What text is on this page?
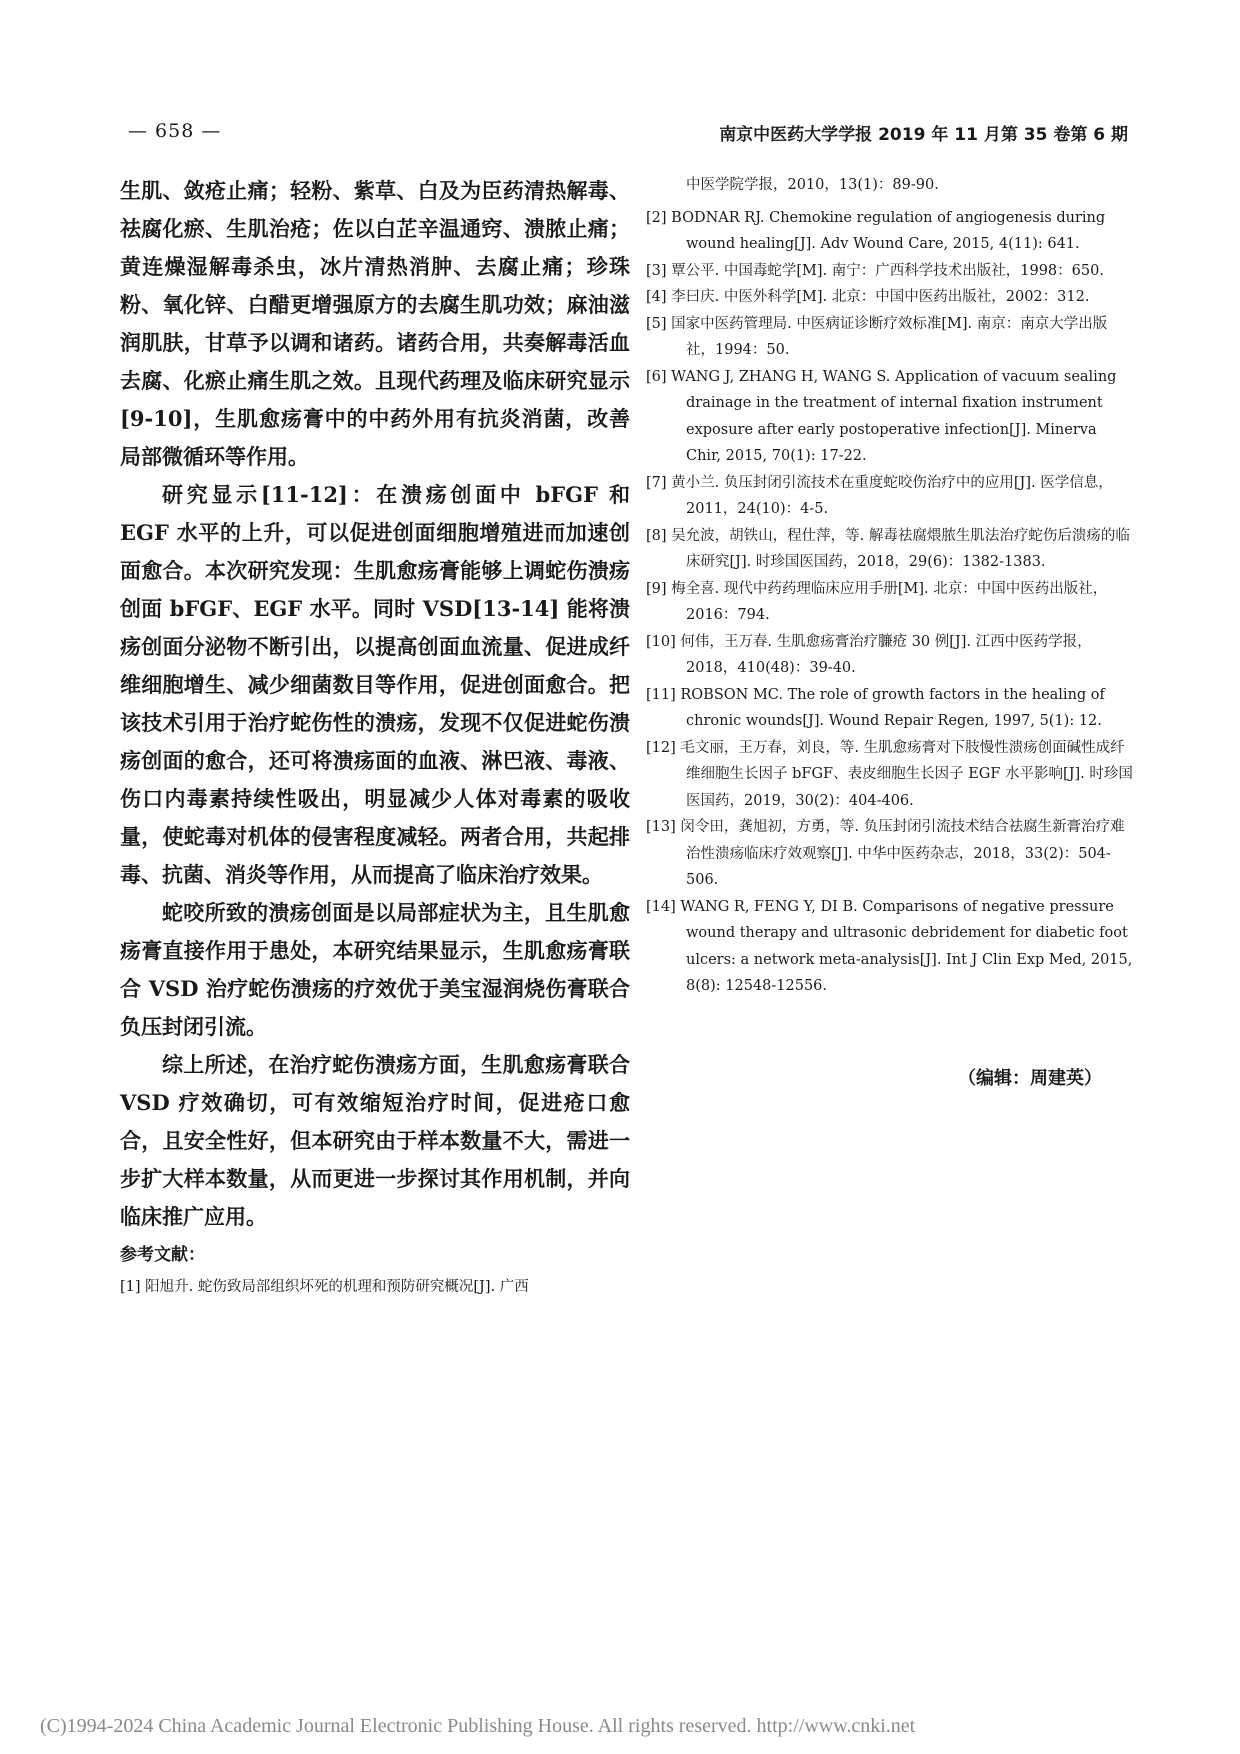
— 658 —	南京中医药大学学报 2019 年 11 月第 35 卷第 6 期

生肌、敛疮止痛；轻粉、紫草、白及为臣药清热解毒、祛腐化瘀、生肌治疮；佐以白芷辛温通窍、溃脓止痛；黄连燥湿解毒杀虫，冰片清热消肿、去腐止痛；珍珠粉、氧化锌、白醋更增强原方的去腐生肌功效；麻油滋润肌肤，甘草予以调和诸药。诸药合用，共奏解毒活血去腐、化瘀止痛生肌之效。且现代药理及临床研究显示[9-10]，生肌愈疡膏中的中药外用有抗炎消菌，改善局部微循环等作用。

研究显示[11-12]：在溃疡创面中 bFGF 和 EGF 水平的上升，可以促进创面细胞增殖进而加速创面愈合。本次研究发现：生肌愈疡膏能够上调蛇伤溃疡创面 bFGF、EGF 水平。同时 VSD[13-14] 能将溃疡创面分泌物不断引出，以提高创面血流量、促进成纤维细胞增生、减少细菌数目等作用，促进创面愈合。把该技术引用于治疗蛇伤性的溃疡，发现不仅促进蛇伤溃疡创面的愈合，还可将溃疡面的血液、淋巴液、毒液、伤口内毒素持续性吸出，明显减少人体对毒素的吸收量，使蛇毒对机体的侵害程度减轻。两者合用，共起排毒、抗菌、消炎等作用，从而提高了临床治疗效果。

蛇咬所致的溃疡创面是以局部症状为主，且生肌愈疡膏直接作用于患处，本研究结果显示，生肌愈疡膏联合 VSD 治疗蛇伤溃疡的疗效优于美宝湿润烧伤膏联合负压封闭引流。

综上所述，在治疗蛇伤溃疡方面，生肌愈疡膏联合 VSD 疗效确切，可有效缩短治疗时间，促进疮口愈合，且安全性好，但本研究由于样本数量不大，需进一步扩大样本数量，从而更进一步探讨其作用机制，并向临床推广应用。

参考文献：
[1] 阳旭升. 蛇伤致局部组织坏死的机理和预防研究概况[J]. 广西
中医学院学报，2010，13(1)：89-90.
[2] BODNAR RJ. Chemokine regulation of angiogenesis during wound healing[J]. Adv Wound Care, 2015, 4(11): 641.
[3] 覃公平. 中国毒蛇学[M]. 南宁：广西科学技术出版社，1998：650.
[4] 李曰庆. 中医外科学[M]. 北京：中国中医药出版社，2002：312.
[5] 国家中医药管理局. 中医病证诊断疗效标准[M]. 南京：南京大学出版社，1994：50.
[6] WANG J, ZHANG H, WANG S. Application of vacuum sealing drainage in the treatment of internal fixation instrument exposure after early postoperative infection[J]. Minerva Chir, 2015, 70(1): 17-22.
[7] 黄小兰. 负压封闭引流技术在重度蛇咬伤治疗中的应用[J]. 医学信息，2011，24(10)：4-5.
[8] 吴允波，胡铁山，程仕萍，等. 解毒祛腐煨脓生肌法治疗蛇伤后溃疡的临床研究[J]. 时珍国医国药，2018，29(6)：1382-1383.
[9] 梅全喜. 现代中药药理临床应用手册[M]. 北京：中国中医药出版社，2016：794.
[10] 何伟，王万春. 生肌愈疡膏治疗臁疮 30 例[J]. 江西中医药学报，2018，410(48)：39-40.
[11] ROBSON MC. The role of growth factors in the healing of chronic wounds[J]. Wound Repair Regen, 1997, 5(1): 12.
[12] 毛文丽，王万春，刘良，等. 生肌愈疡膏对下肢慢性溃疡创面碱性成纤维细胞生长因子 bFGF、表皮细胞生长因子 EGF 水平影响[J]. 时珍国医国药，2019，30(2)：404-406.
[13] 闵令田，龚旭初，方勇，等. 负压封闭引流技术结合祛腐生新膏治疗难治性溃疡临床疗效观察[J]. 中华中医药杂志，2018，33(2)：504-506.
[14] WANG R, FENG Y, DI B. Comparisons of negative pressure wound therapy and ultrasonic debridement for diabetic foot ulcers: a network meta-analysis[J]. Int J Clin Exp Med, 2015, 8(8): 12548-12556.
（编辑：周建英）
(C)1994-2024 China Academic Journal Electronic Publishing House. All rights reserved. http://www.cnki.net
